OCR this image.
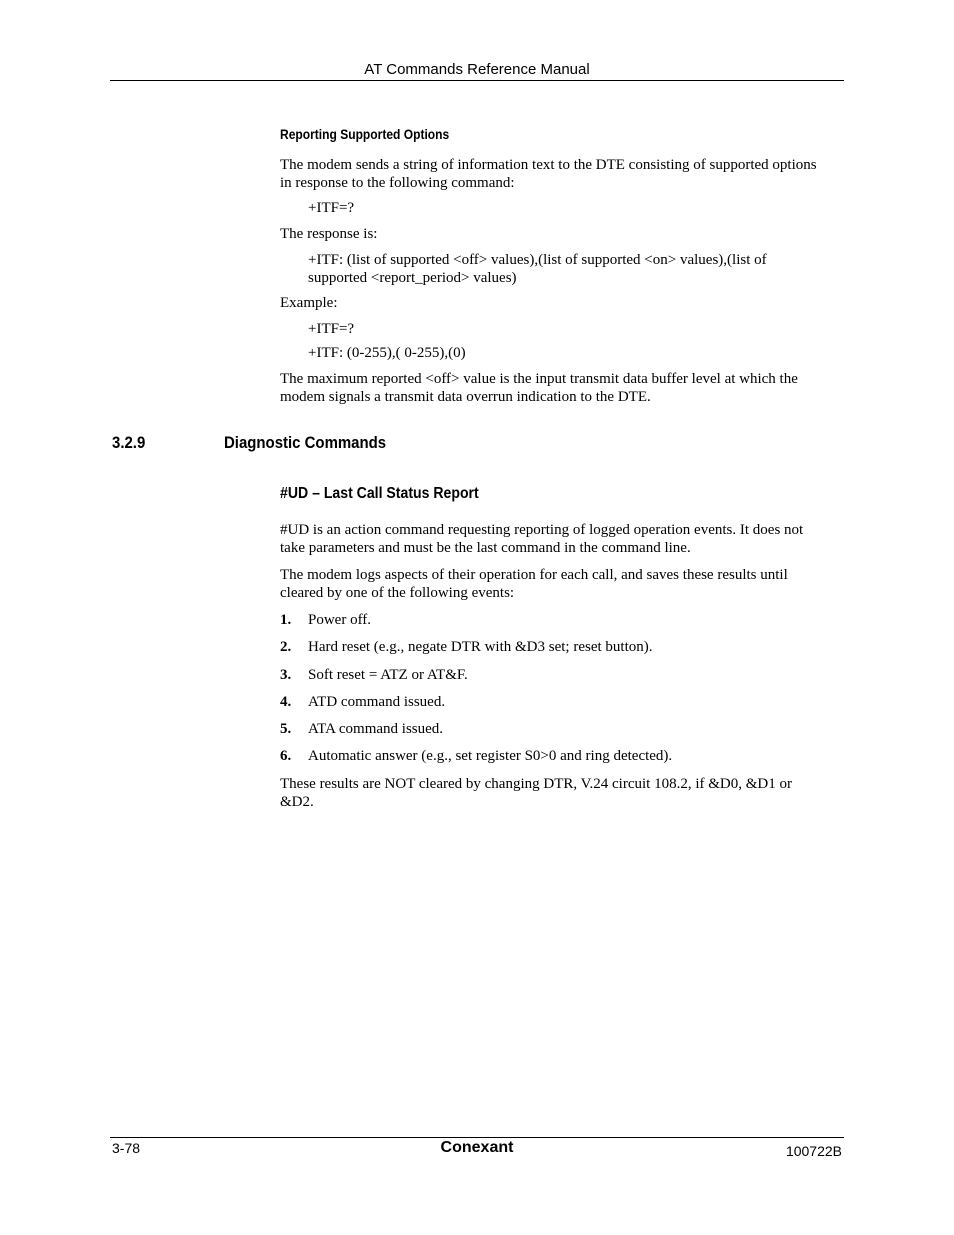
AT Commands Reference Manual
Reporting Supported Options
The modem sends a string of information text to the DTE consisting of supported options
in response to the following command:
+ITF=?
The response is:
+ITF: (list of supported <off> values),(list of supported <on> values),(list of
supported <report_period> values)
Example:
+ITF=?
+ITF: (0-255),( 0-255),(0)
The maximum reported <off> value is the input transmit data buffer level at which the
modem signals a transmit data overrun indication to the DTE.
3.2.9	Diagnostic Commands
#UD – Last Call Status Report
#UD is an action command requesting reporting of logged operation events. It does not
take parameters and must be the last command in the command line.
The modem logs aspects of their operation for each call, and saves these results until
cleared by one of the following events:
1. Power off.
2. Hard reset (e.g., negate DTR with &D3 set; reset button).
3. Soft reset = ATZ or AT&F.
4. ATD command issued.
5. ATA command issued.
6. Automatic answer (e.g., set register S0>0 and ring detected).
These results are NOT cleared by changing DTR, V.24 circuit 108.2, if &D0, &D1 or
&D2.
3-78	Conexant	100722B
